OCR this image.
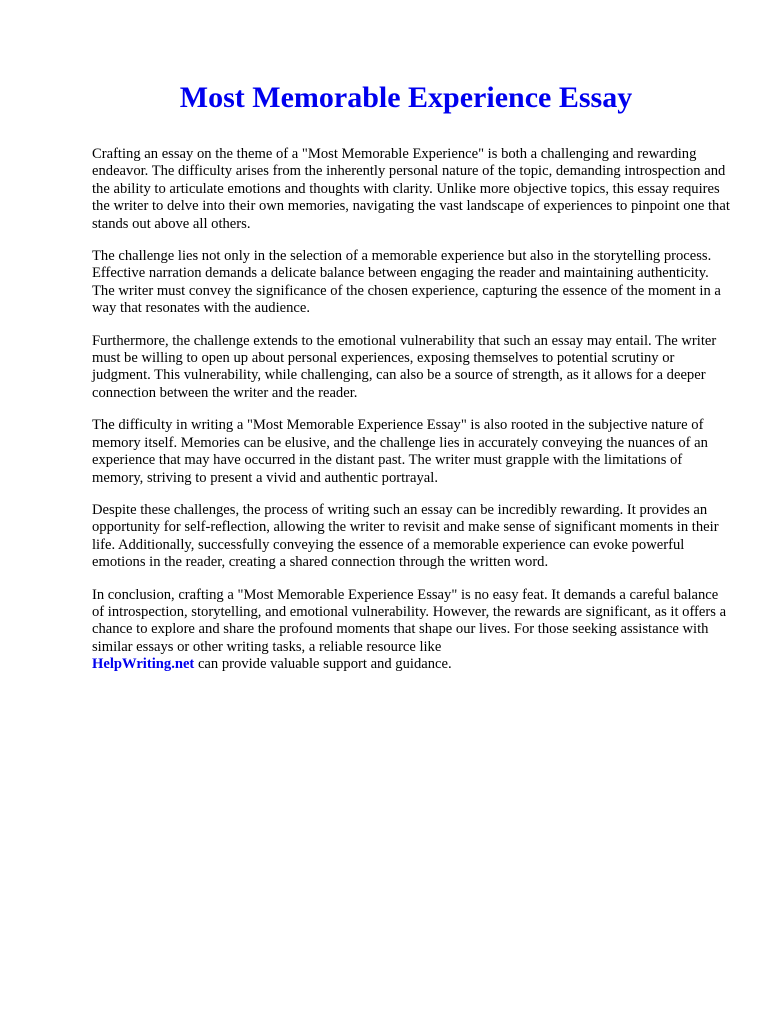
Most Memorable Experience Essay

Crafting an essay on the theme of a "Most Memorable Experience" is both a challenging and rewarding endeavor. The difficulty arises from the inherently personal nature of the topic, demanding introspection and the ability to articulate emotions and thoughts with clarity. Unlike more objective topics, this essay requires the writer to delve into their own memories, navigating the vast landscape of experiences to pinpoint one that stands out above all others.

The challenge lies not only in the selection of a memorable experience but also in the storytelling process. Effective narration demands a delicate balance between engaging the reader and maintaining authenticity. The writer must convey the significance of the chosen experience, capturing the essence of the moment in a way that resonates with the audience.

Furthermore, the challenge extends to the emotional vulnerability that such an essay may entail. The writer must be willing to open up about personal experiences, exposing themselves to potential scrutiny or judgment. This vulnerability, while challenging, can also be a source of strength, as it allows for a deeper connection between the writer and the reader.

The difficulty in writing a "Most Memorable Experience Essay" is also rooted in the subjective nature of memory itself. Memories can be elusive, and the challenge lies in accurately conveying the nuances of an experience that may have occurred in the distant past. The writer must grapple with the limitations of memory, striving to present a vivid and authentic portrayal.

Despite these challenges, the process of writing such an essay can be incredibly rewarding. It provides an opportunity for self-reflection, allowing the writer to revisit and make sense of significant moments in their life. Additionally, successfully conveying the essence of a memorable experience can evoke powerful emotions in the reader, creating a shared connection through the written word.

In conclusion, crafting a "Most Memorable Experience Essay" is no easy feat. It demands a careful balance of introspection, storytelling, and emotional vulnerability. However, the rewards are significant, as it offers a chance to explore and share the profound moments that shape our lives. For those seeking assistance with similar essays or other writing tasks, a reliable resource like
HelpWriting.net can provide valuable support and guidance.
